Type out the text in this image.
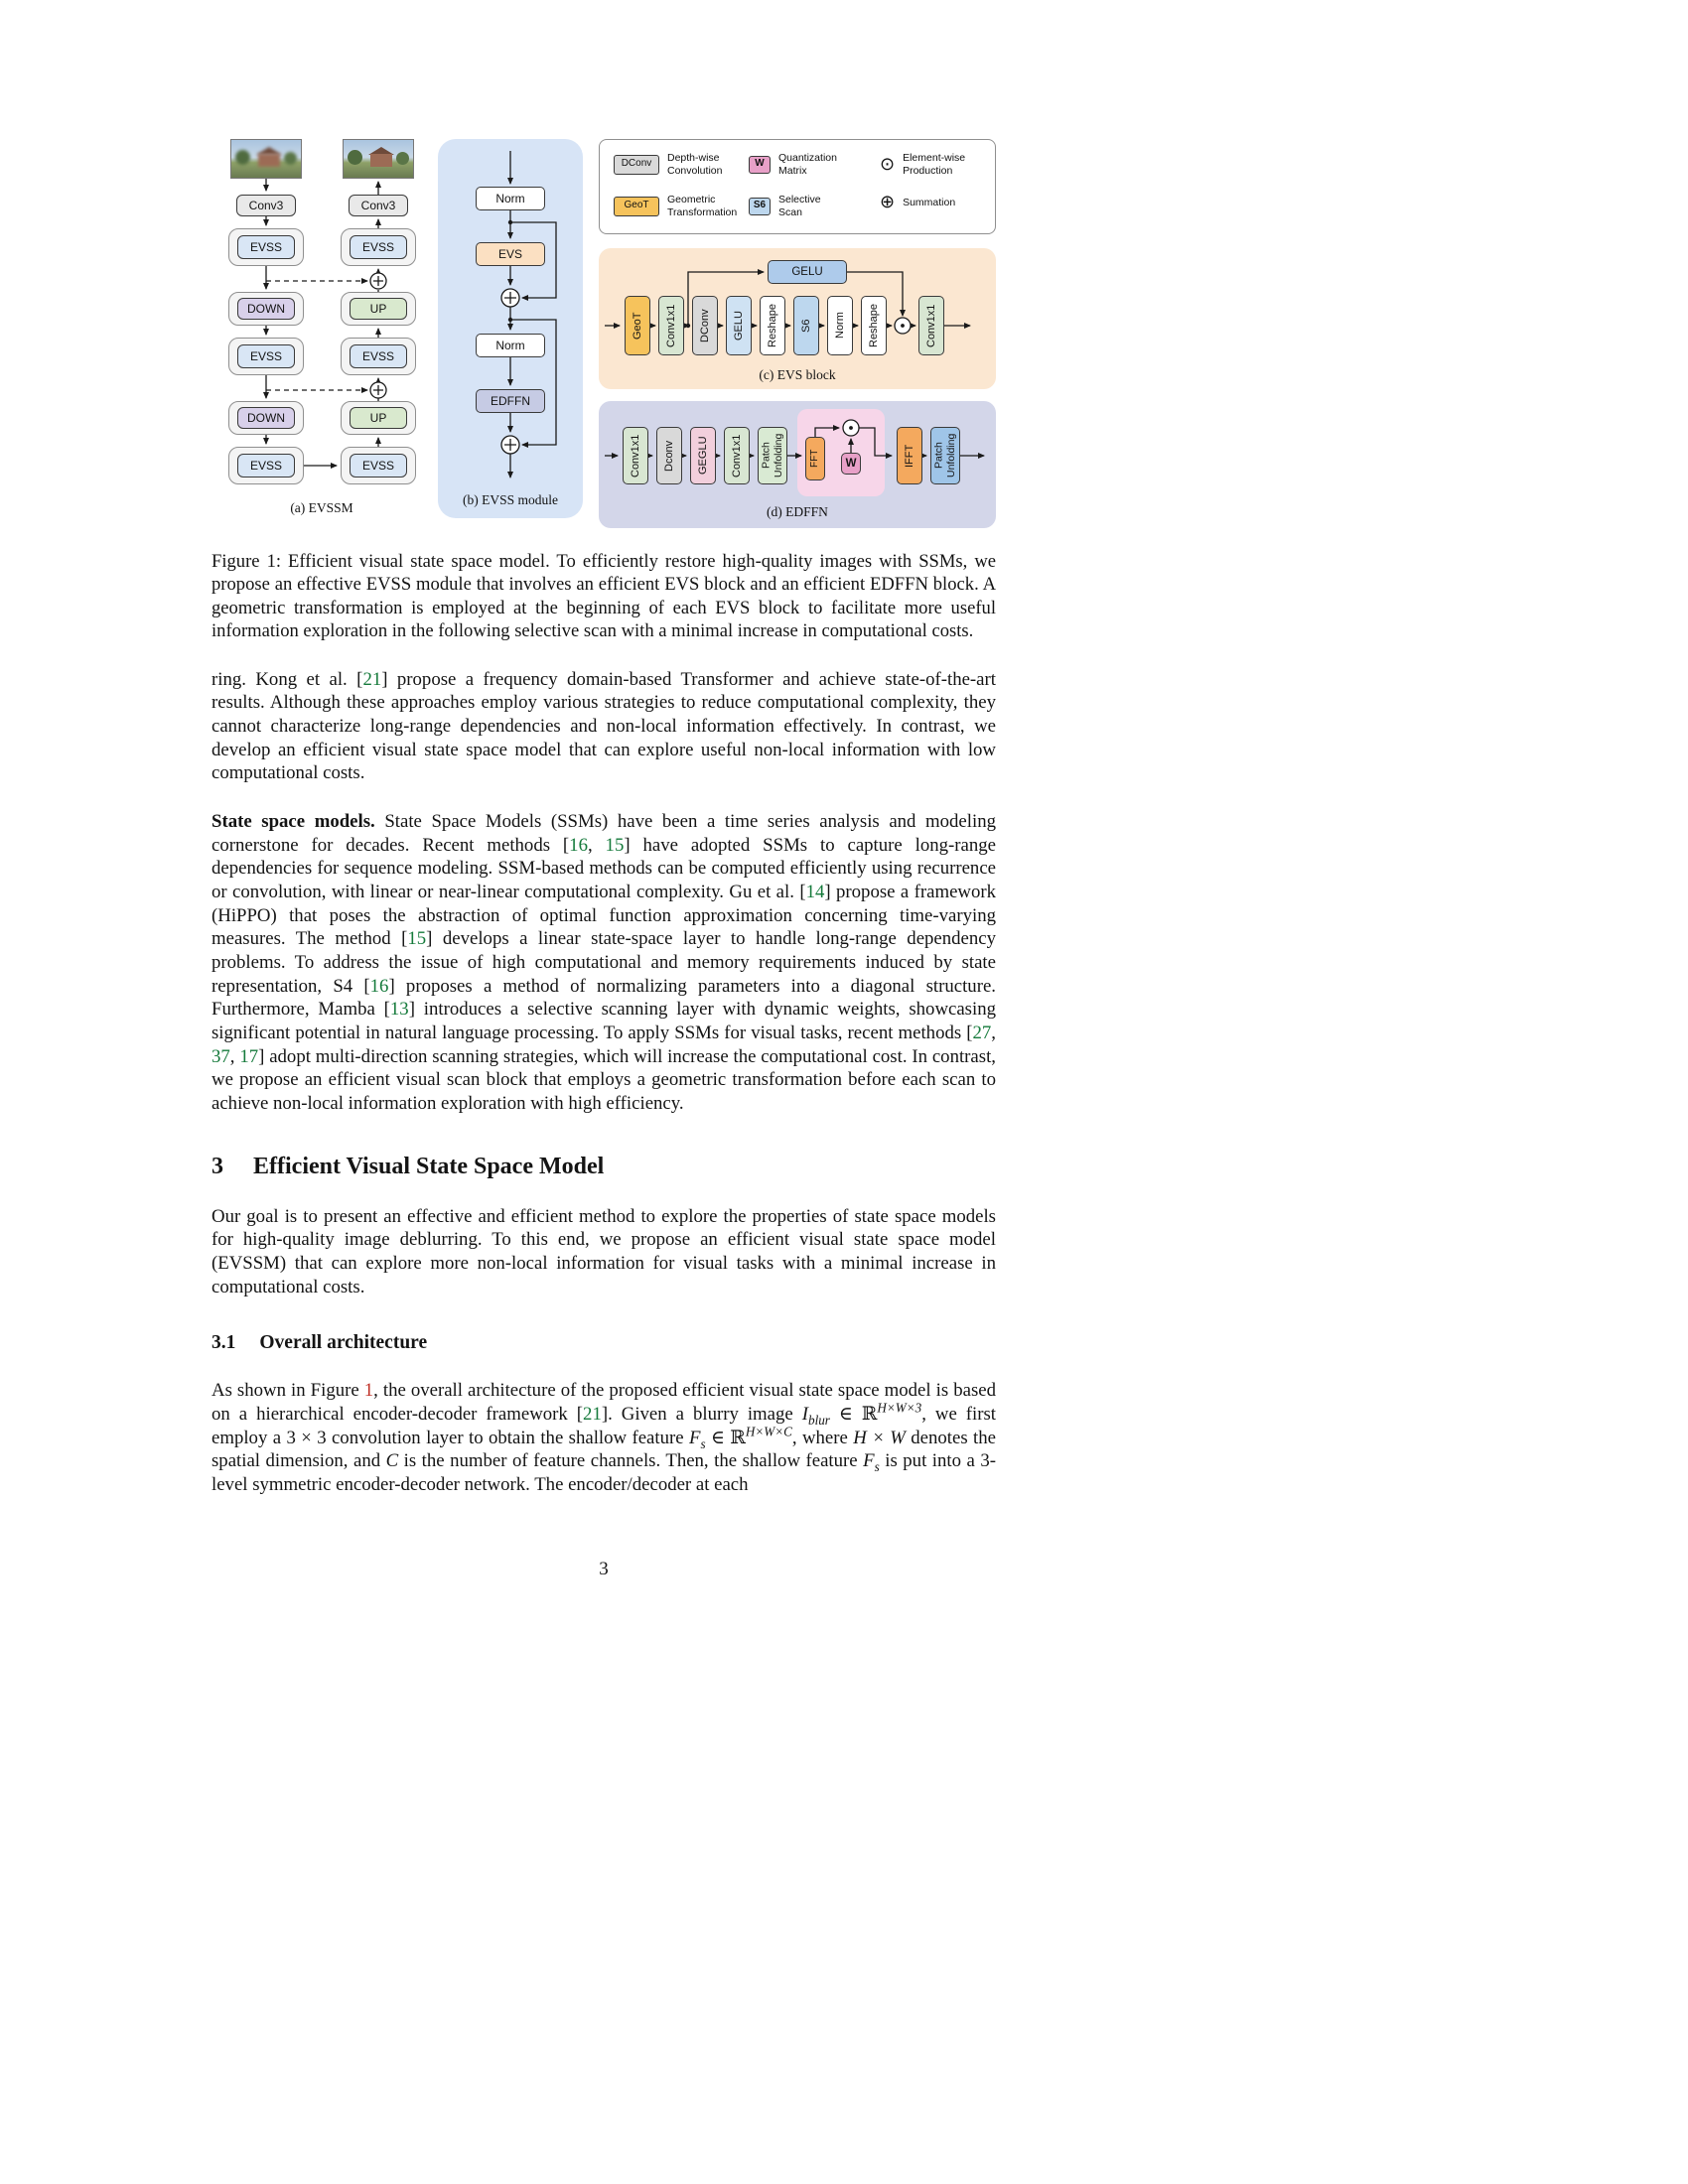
Conv3	Conv3
EVSS	EVSS
DOWN	UP
EVSS	EVSS
DOWN	UP
EVSS	EVSS
(a) EVSSM
Norm
EVS
Norm
EDFFN
(b) EVSS module
DConv	Depth-wise
Convolution
W	Quantization
Matrix	⊙ Element-wise
Production
GeoT	Geometric
Transformation
S6	Selective
Scan	⊕ Summation
GeoT	Conv1x1	DConv	GELU	Reshape	S6	Norm	Reshape	Conv1x1
GELU
(c) EVS block
Conv1x1	Dconv	GEGLU	Conv1x1	Patch Unfolding	FFT	W	IFFT	Patch Unfolding
(d) EDFFN

Figure 1: Efficient visual state space model. To efficiently restore high-quality images with SSMs, we propose an effective EVSS module that involves an efficient EVS block and an efficient EDFFN block. A geometric transformation is employed at the beginning of each EVS block to facilitate more useful information exploration in the following selective scan with a minimal increase in computational costs.

ring. Kong et al. [21] propose a frequency domain-based Transformer and achieve state-of-the-art results. Although these approaches employ various strategies to reduce computational complexity, they cannot characterize long-range dependencies and non-local information effectively. In contrast, we develop an efficient visual state space model that can explore useful non-local information with low computational costs.

State space models. State Space Models (SSMs) have been a time series analysis and modeling cornerstone for decades. Recent methods [16, 15] have adopted SSMs to capture long-range dependencies for sequence modeling. SSM-based methods can be computed efficiently using recurrence or convolution, with linear or near-linear computational complexity. Gu et al. [14] propose a framework (HiPPO) that poses the abstraction of optimal function approximation concerning time-varying measures. The method [15] develops a linear state-space layer to handle long-range dependency problems. To address the issue of high computational and memory requirements induced by state representation, S4 [16] proposes a method of normalizing parameters into a diagonal structure. Furthermore, Mamba [13] introduces a selective scanning layer with dynamic weights, showcasing significant potential in natural language processing. To apply SSMs for visual tasks, recent methods [27, 37, 17] adopt multi-direction scanning strategies, which will increase the computational cost. In contrast, we propose an efficient visual scan block that employs a geometric transformation before each scan to achieve non-local information exploration with high efficiency.

3 Efficient Visual State Space Model

Our goal is to present an effective and efficient method to explore the properties of state space models for high-quality image deblurring. To this end, we propose an efficient visual state space model (EVSSM) that can explore more non-local information for visual tasks with a minimal increase in computational costs.

3.1 Overall architecture

As shown in Figure 1, the overall architecture of the proposed efficient visual state space model is based on a hierarchical encoder-decoder framework [21]. Given a blurry image $I_{blur}$ ∈ ℝ$^{H\times W\times 3}$, we first employ a 3 × 3 convolution layer to obtain the shallow feature $F_s$ ∈ ℝ$^{H\times W\times C}$, where H × W denotes the spatial dimension, and C is the number of feature channels. Then, the shallow feature $F_s$ is put into a 3-level symmetric encoder-decoder network. The encoder/decoder at each

3
